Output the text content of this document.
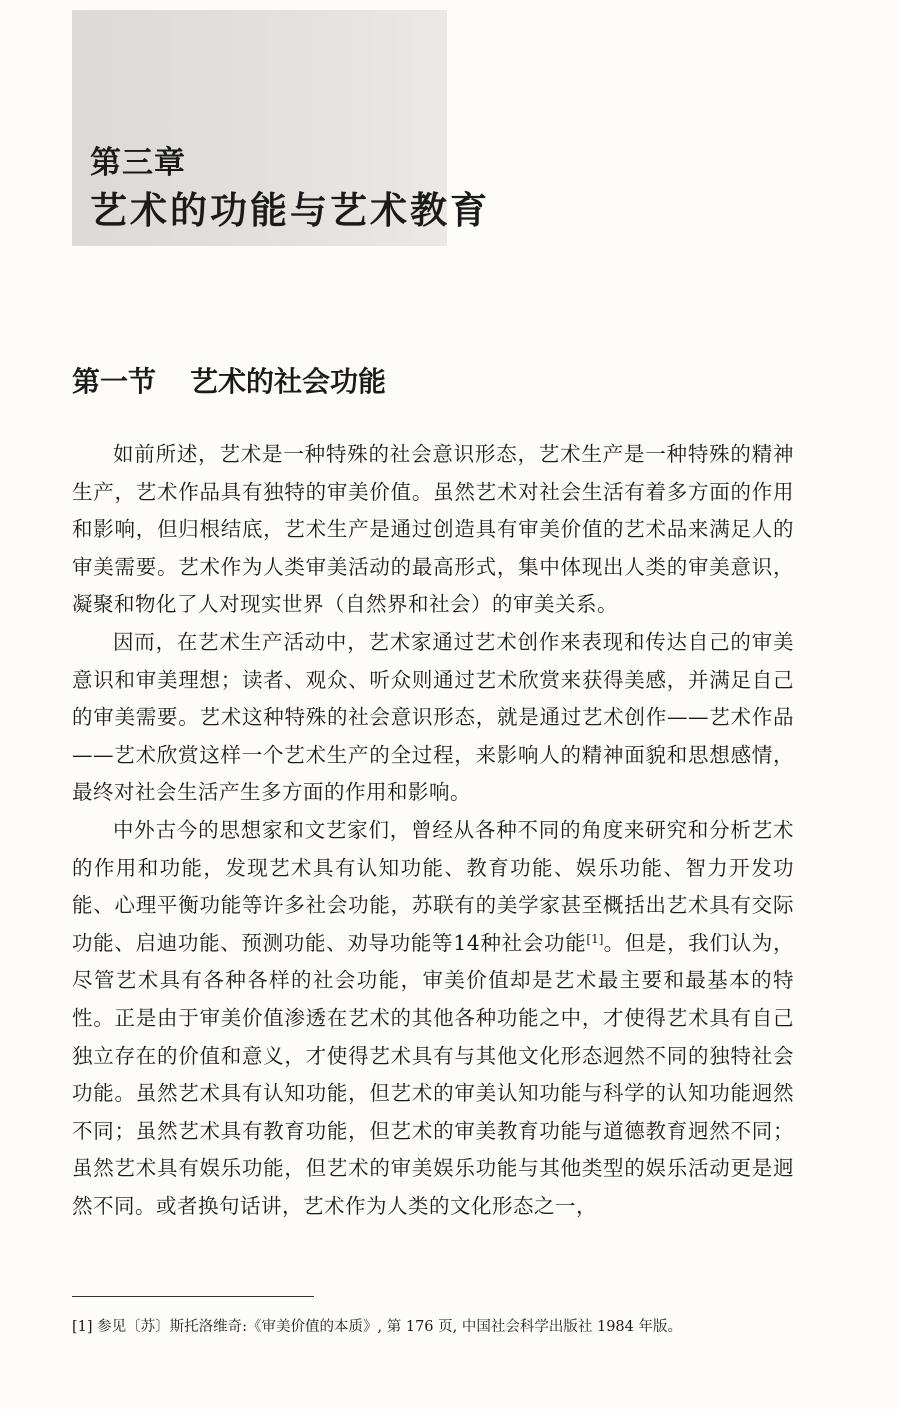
第三章
艺术的功能与艺术教育
第一节 艺术的社会功能

如前所述，艺术是一种特殊的社会意识形态，艺术生产是一种特殊的精神生产，艺术作品具有独特的审美价值。虽然艺术对社会生活有着多方面的作用和影响，但归根结底，艺术生产是通过创造具有审美价值的艺术品来满足人的审美需要。艺术作为人类审美活动的最高形式，集中体现出人类的审美意识，凝聚和物化了人对现实世界（自然界和社会）的审美关系。

因而，在艺术生产活动中，艺术家通过艺术创作来表现和传达自己的审美意识和审美理想；读者、观众、听众则通过艺术欣赏来获得美感，并满足自己的审美需要。艺术这种特殊的社会意识形态，就是通过艺术创作——艺术作品——艺术欣赏这样一个艺术生产的全过程，来影响人的精神面貌和思想感情，最终对社会生活产生多方面的作用和影响。

中外古今的思想家和文艺家们，曾经从各种不同的角度来研究和分析艺术的作用和功能，发现艺术具有认知功能、教育功能、娱乐功能、智力开发功能、心理平衡功能等许多社会功能，苏联有的美学家甚至概括出艺术具有交际功能、启迪功能、预测功能、劝导功能等14种社会功能[1]。但是，我们认为，尽管艺术具有各种各样的社会功能，审美价值却是艺术最主要和最基本的特性。正是由于审美价值渗透在艺术的其他各种功能之中，才使得艺术具有自己独立存在的价值和意义，才使得艺术具有与其他文化形态迥然不同的独特社会功能。虽然艺术具有认知功能，但艺术的审美认知功能与科学的认知功能迥然不同；虽然艺术具有教育功能，但艺术的审美教育功能与道德教育迥然不同；虽然艺术具有娱乐功能，但艺术的审美娱乐功能与其他类型的娱乐活动更是迥然不同。或者换句话讲，艺术作为人类的文化形态之一，

[1] 参见〔苏〕斯托洛维奇:《审美价值的本质》, 第 176 页, 中国社会科学出版社 1984 年版。
